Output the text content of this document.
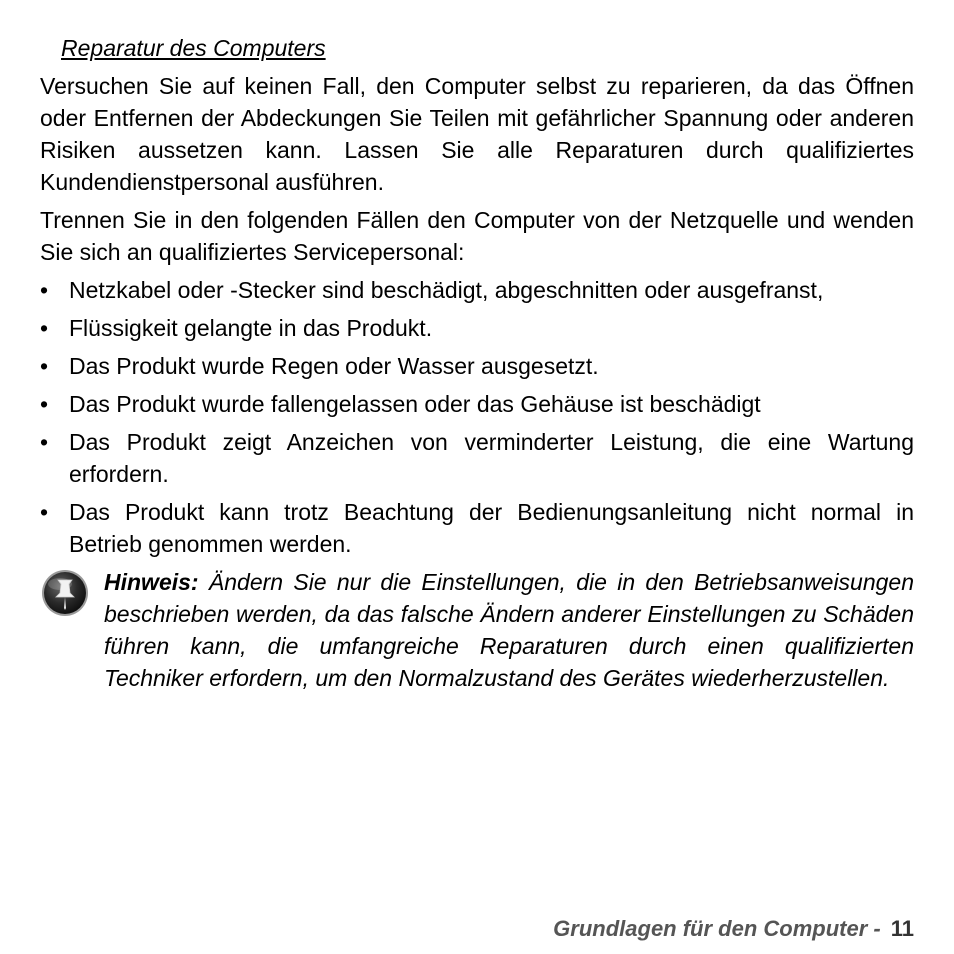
Reparatur des Computers

Versuchen Sie auf keinen Fall, den Computer selbst zu reparieren, da das Öffnen oder Entfernen der Abdeckungen Sie Teilen mit gefährlicher Spannung oder anderen Risiken aussetzen kann. Lassen Sie alle Reparaturen durch qualifiziertes Kundendienstpersonal ausführen.

Trennen Sie in den folgenden Fällen den Computer von der Netzquelle und wenden Sie sich an qualifiziertes Servicepersonal:

• Netzkabel oder -Stecker sind beschädigt, abgeschnitten oder ausgefranst,
• Flüssigkeit gelangte in das Produkt.
• Das Produkt wurde Regen oder Wasser ausgesetzt.
• Das Produkt wurde fallengelassen oder das Gehäuse ist beschädigt
• Das Produkt zeigt Anzeichen von verminderter Leistung, die eine Wartung erfordern.
• Das Produkt kann trotz Beachtung der Bedienungsanleitung nicht normal in Betrieb genommen werden.

Hinweis: Ändern Sie nur die Einstellungen, die in den Betriebsanweisungen beschrieben werden, da das falsche Ändern anderer Einstellungen zu Schäden führen kann, die umfangreiche Reparaturen durch einen qualifizierten Techniker erfordern, um den Normalzustand des Gerätes wiederherzustellen.

Grundlagen für den Computer - 11
